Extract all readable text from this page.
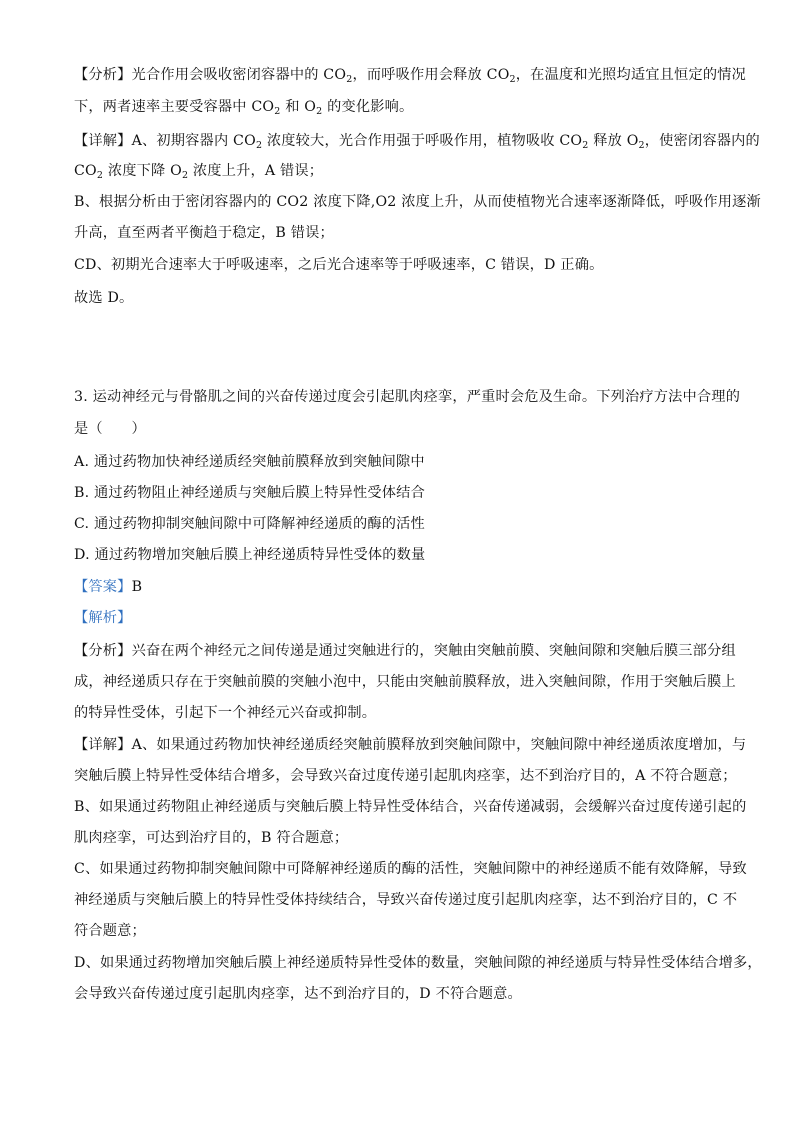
【分析】光合作用会吸收密闭容器中的 $CO_2$，而呼吸作用会释放 $CO_2$，在温度和光照均适宜且恒定的情况
下，两者速率主要受容器中 $CO_2$ 和 $O_2$ 的变化影响。
【详解】A、初期容器内 $CO_2$ 浓度较大，光合作用强于呼吸作用，植物吸收 $CO_2$ 释放 $O_2$，使密闭容器内的
$CO_2$ 浓度下降 $O_2$ 浓度上升，A 错误；
B、根据分析由于密闭容器内的 CO2 浓度下降,O2 浓度上升，从而使植物光合速率逐渐降低，呼吸作用逐渐
升高，直至两者平衡趋于稳定，B 错误；
CD、初期光合速率大于呼吸速率，之后光合速率等于呼吸速率，C 错误，D 正确。
故选 D。
3. 运动神经元与骨骼肌之间的兴奋传递过度会引起肌肉痉挛，严重时会危及生命。下列治疗方法中合理的
是（　　）
A. 通过药物加快神经递质经突触前膜释放到突触间隙中
B. 通过药物阻止神经递质与突触后膜上特异性受体结合
C. 通过药物抑制突触间隙中可降解神经递质的酶的活性
D. 通过药物增加突触后膜上神经递质特异性受体的数量
【答案】B
【解析】
【分析】兴奋在两个神经元之间传递是通过突触进行的，突触由突触前膜、突触间隙和突触后膜三部分组
成，神经递质只存在于突触前膜的突触小泡中，只能由突触前膜释放，进入突触间隙，作用于突触后膜上
的特异性受体，引起下一个神经元兴奋或抑制。
【详解】A、如果通过药物加快神经递质经突触前膜释放到突触间隙中，突触间隙中神经递质浓度增加，与
突触后膜上特异性受体结合增多，会导致兴奋过度传递引起肌肉痉挛，达不到治疗目的，A 不符合题意；
B、如果通过药物阻止神经递质与突触后膜上特异性受体结合，兴奋传递减弱，会缓解兴奋过度传递引起的
肌肉痉挛，可达到治疗目的，B 符合题意；
C、如果通过药物抑制突触间隙中可降解神经递质的酶的活性，突触间隙中的神经递质不能有效降解，导致
神经递质与突触后膜上的特异性受体持续结合，导致兴奋传递过度引起肌肉痉挛，达不到治疗目的，C 不
符合题意；
D、如果通过药物增加突触后膜上神经递质特异性受体的数量，突触间隙的神经递质与特异性受体结合增多，
会导致兴奋传递过度引起肌肉痉挛，达不到治疗目的，D 不符合题意。
